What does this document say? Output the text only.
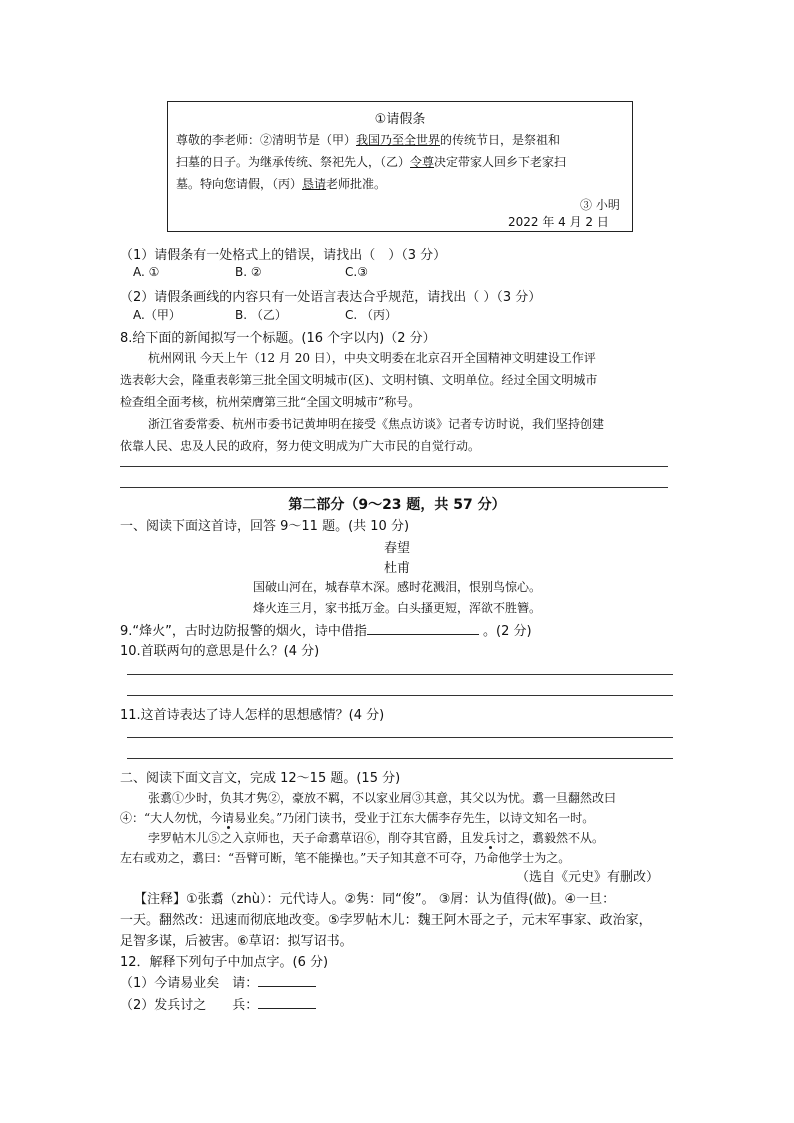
①请假条
尊敬的李老师：②清明节是（甲）我国乃至全世界的传统节日，是祭祖和
扫墓的日子。为继承传统、祭祀先人，（乙）令尊决定带家人回乡下老家扫
墓。特向您请假，（丙）恳请老师批准。
③ 小明
2022 年 4 月 2 日
（1）请假条有一处格式上的错误，请找出（　）（3 分）
A. ①	B. ②	C.③
（2）请假条画线的内容只有一处语言表达合乎规范，请找出（ ）（3 分）
A.（甲）	B. （乙）	C. （丙）
8.给下面的新闻拟写一个标题。(16 个字以内)（2 分）
杭州网讯 今天上午（12 月 20 日），中央文明委在北京召开全国精神文明建设工作评
选表彰大会，隆重表彰第三批全国文明城市(区)、文明村镇、文明单位。经过全国文明城市
检查组全面考核，杭州荣膺第三批“全国文明城市”称号。
浙江省委常委、杭州市委书记黄坤明在接受《焦点访谈》记者专访时说，我们坚持创建
依靠人民、忠及人民的政府，努力使文明成为广大市民的自觉行动。
第二部分（9～23 题，共 57 分）
一、阅读下面这首诗，回答 9～11 题。(共 10 分)
春望
杜甫
国破山河在，城春草木深。感时花溅泪，恨别鸟惊心。
烽火连三月，家书抵万金。白头搔更短，浑欲不胜簪。
9.“烽火”，古时边防报警的烟火，诗中借指	。(2 分)
10.首联两句的意思是什么？(4 分)
11.这首诗表达了诗人怎样的思想感情？(4 分)
二、阅读下面文言文，完成 12～15 题。(15 分)
张翥①少时，负其才隽②，豪放不羁，不以家业屑③其意，其父以为忧。翥一旦翻然改曰
④：“大人勿忧，今请易业矣。”乃闭门读书，受业于江东大儒李存先生，以诗文知名一时。
孛罗帖木儿⑤之入京师也，天子命翥草诏⑥，削夺其官爵，且发兵讨之，翥毅然不从。
左右或劝之，翥曰：“吾臂可断，笔不能操也。”天子知其意不可夺，乃命他学士为之。
（选自《元史》有删改）
【注释】①张翥（zhù）：元代诗人。②隽：同“俊”。 ③屑：认为值得(做)。④一旦：
一天。翻然改：迅速而彻底地改变。⑤孛罗帖木儿：魏王阿木哥之子，元末军事家、政治家，
足智多谋，后被害。⑥草诏：拟写诏书。
12．解释下列句子中加点字。(6 分)
（1）今请易业矣　请：
（2）发兵讨之　　兵：
